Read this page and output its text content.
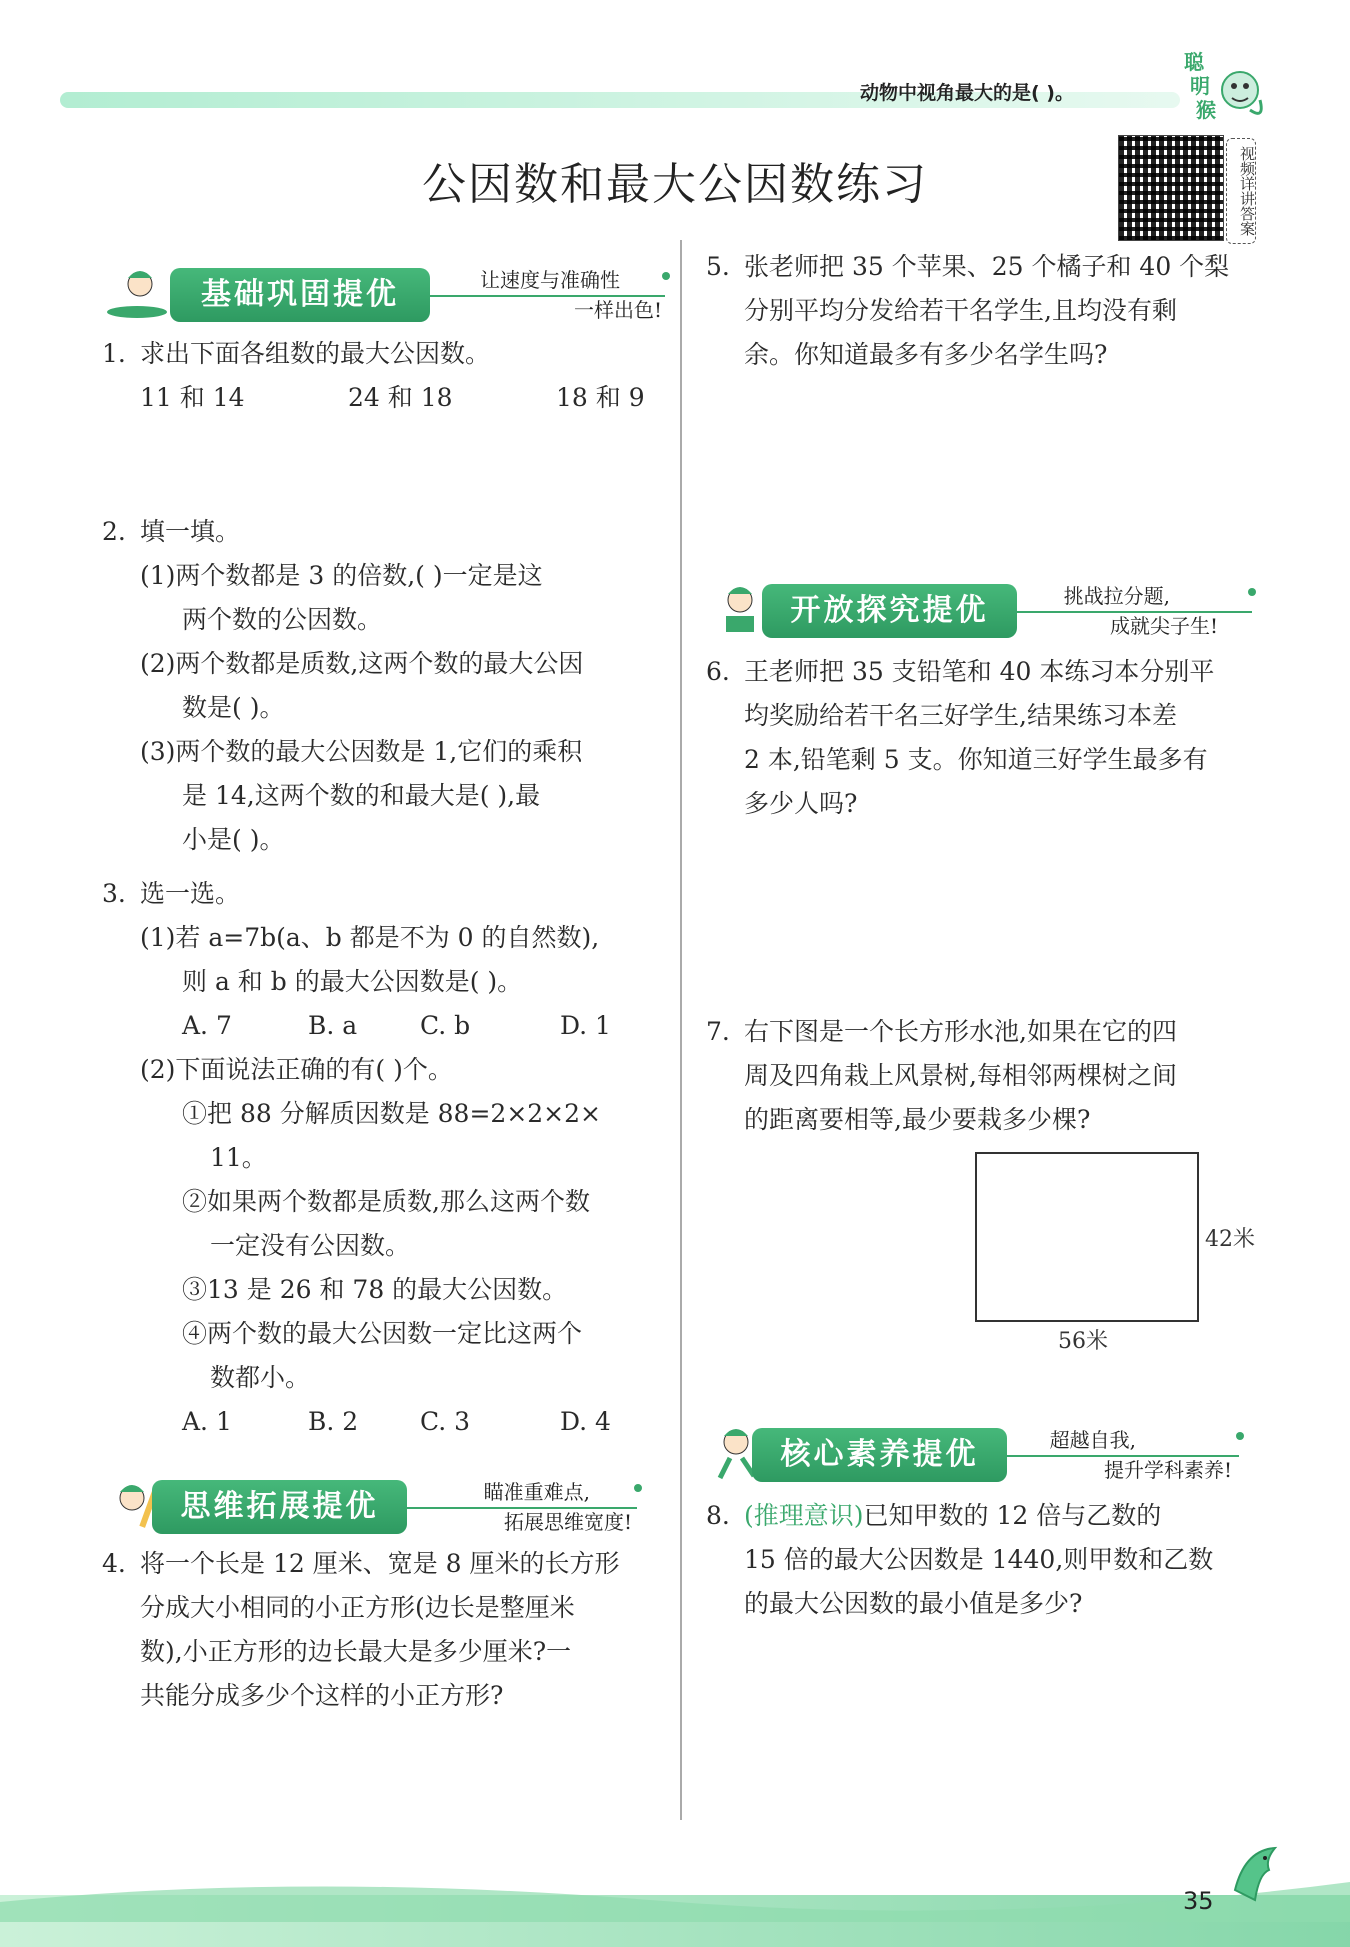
动物中视角最大的是( )。
聪
明
猴
公因数和最大公因数练习	视频详讲答案
基础巩固提优	让速度与准确性
一样出色!
1. 求出下面各组数的最大公因数。
11 和 14	24 和 18	18 和 9
2. 填一填。
(1)两个数都是 3 的倍数,( )一定是这
两个数的公因数。
(2)两个数都是质数,这两个数的最大公因
数是( )。
(3)两个数的最大公因数是 1,它们的乘积
是 14,这两个数的和最大是( ),最
小是( )。
3. 选一选。
(1)若 a=7b(a、b 都是不为 0 的自然数),
则 a 和 b 的最大公因数是( )。
A. 7	B. a	C. b	D. 1
(2)下面说法正确的有( )个。
①把 88 分解质因数是 88=2×2×2×
11。
②如果两个数都是质数,那么这两个数
一定没有公因数。
③13 是 26 和 78 的最大公因数。
④两个数的最大公因数一定比这两个
数都小。
A. 1	B. 2 C. 3	D. 4
思维拓展提优	瞄准重难点,
拓展思维宽度!
4. 将一个长是 12 厘米、宽是 8 厘米的长方形
分成大小相同的小正方形(边长是整厘米
数),小正方形的边长最大是多少厘米?一
共能分成多少个这样的小正方形?
5. 张老师把 35 个苹果、25 个橘子和 40 个梨
分别平均分发给若干名学生,且均没有剩
余。你知道最多有多少名学生吗?
开放探究提优	挑战拉分题,
成就尖子生!
6. 王老师把 35 支铅笔和 40 本练习本分别平
均奖励给若干名三好学生,结果练习本差
2 本,铅笔剩 5 支。你知道三好学生最多有
多少人吗?
7. 右下图是一个长方形水池,如果在它的四
周及四角栽上风景树,每相邻两棵树之间
的距离要相等,最少要栽多少棵?
42米
56米
核心素养提优	超越自我,
提升学科素养!
8. (推理意识)已知甲数的 12 倍与乙数的
15 倍的最大公因数是 1440,则甲数和乙数
的最大公因数的最小值是多少?
35
